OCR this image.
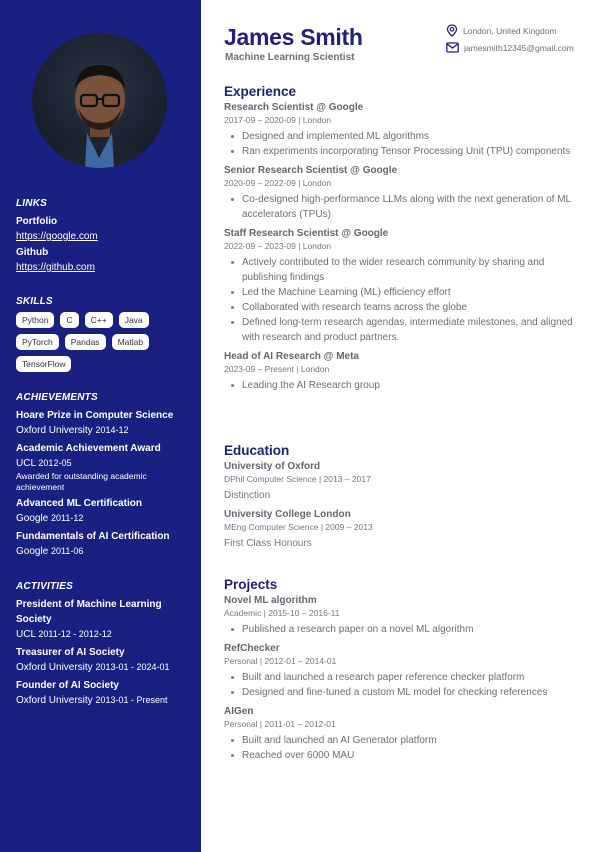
LINKS
Portfolio
https://google.com
Github
https://github.com
SKILLS
Python	C	C++	Java
PyTorch	Pandas	Matlab
TensorFlow
ACHIEVEMENTS
Hoare Prize in Computer Science
Oxford University 2014-12
Academic Achievement Award
UCL 2012-05
Awarded for outstanding academic achievement
Advanced ML Certification
Google 2011-12
Fundamentals of AI Certification
Google 2011-06
ACTIVITIES
President of Machine Learning Society
UCL 2011-12 - 2012-12
Treasurer of AI Society
Oxford University 2013-01 - 2024-01
Founder of AI Society
Oxford University 2013-01 - Present
James Smith
Machine Learning Scientist
London, United Kingdom
jamesmith12345@gmail.com
Experience
Research Scientist @ Google
2017-09 – 2020-09 | London
Designed and implemented ML algorithms
Ran experiments incorporating Tensor Processing Unit (TPU) components
Senior Research Scientist @ Google
2020-09 – 2022-09 | London
Co-designed high-performance LLMs along with the next generation of ML accelerators (TPUs)
Staff Research Scientist @ Google
2022-09 – 2023-09 | London
Actively contributed to the wider research community by sharing and publishing findings
Led the Machine Learning (ML) efficiency effort
Collaborated with research teams across the globe
Defined long-term research agendas, intermediate milestones, and aligned with research and product partners.
Head of AI Research @ Meta
2023-09 – Present | London
Leading the AI Research group
Education
University of Oxford
DPhil Computer Science | 2013 – 2017
Distinction
University College London
MEng Computer Science | 2009 – 2013
First Class Honours
Projects
Novel ML algorithm
Academic | 2015-10 – 2016-11
Published a research paper on a novel ML algorithm
RefChecker
Personal | 2012-01 – 2014-01
Built and launched a research paper reference checker platform
Designed and fine-tuned a custom ML model for checking references
AIGen
Personal | 2011-01 – 2012-01
Built and launched an AI Generator platform
Reached over 6000 MAU
